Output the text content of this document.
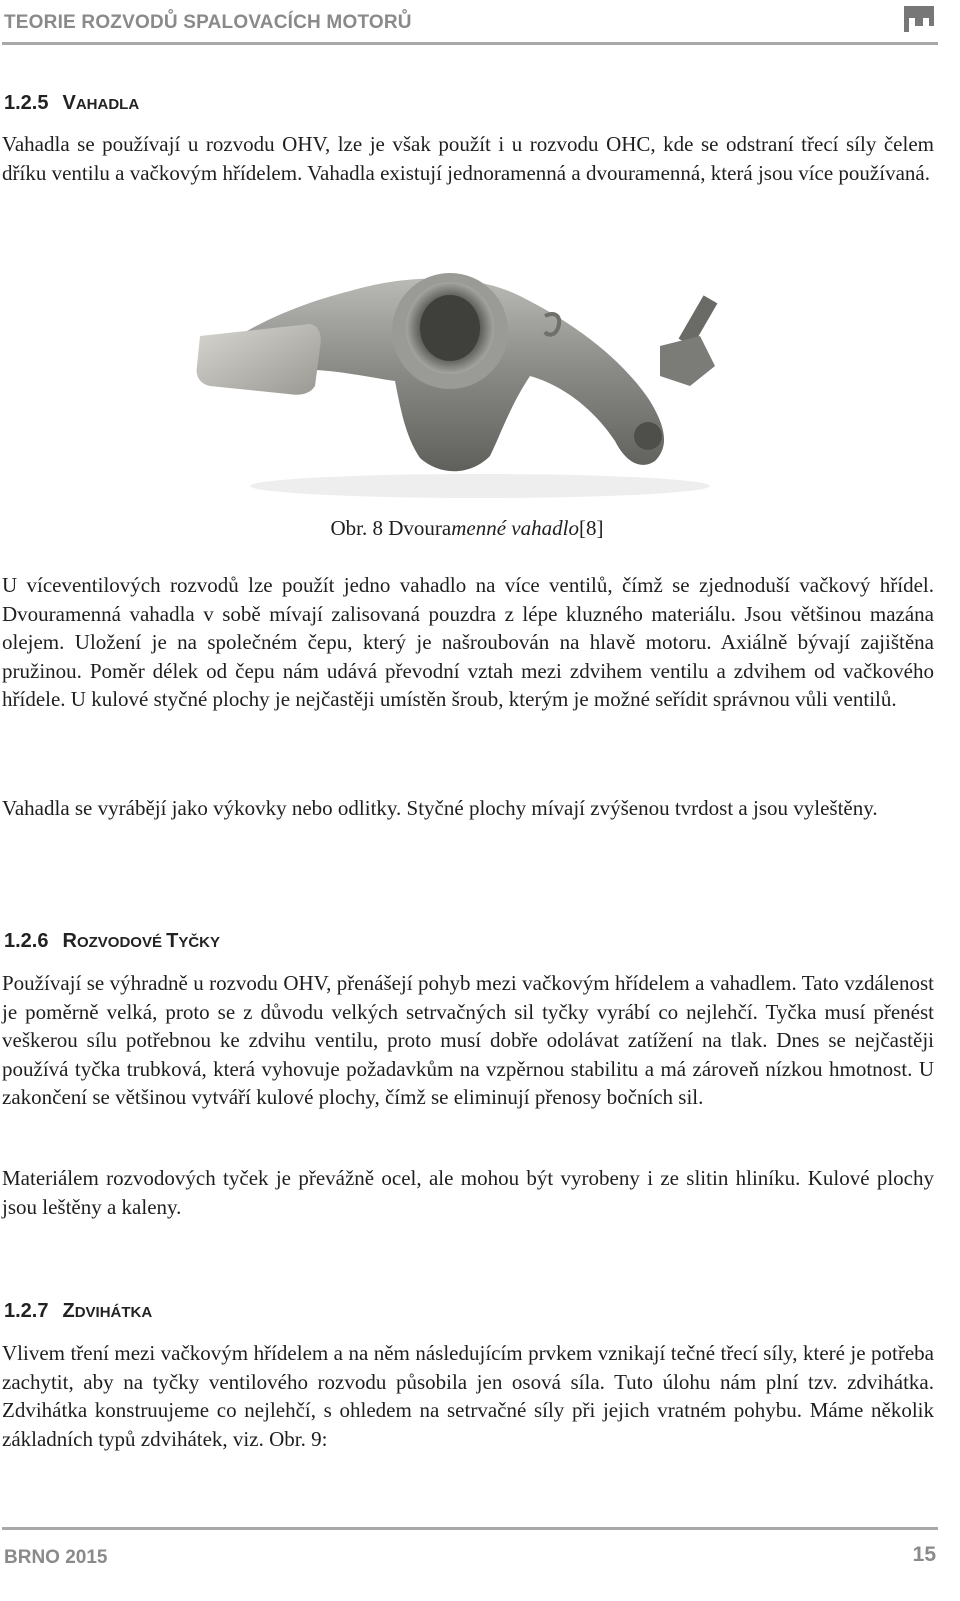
TEORIE ROZVODŮ SPALOVACÍCH MOTORŮ
1.2.5 VAHADLA

Vahadla se používají u rozvodu OHV, lze je však použít i u rozvodu OHC, kde se odstraní třecí síly čelem dříku ventilu a vačkovým hřídelem. Vahadla existují jednoramenná a dvouramenná, která jsou více používaná.

Obr. 8 Dvouramenné vahadlo[8]

U víceventilových rozvodů lze použít jedno vahadlo na více ventilů, čímž se zjednoduší vačkový hřídel. Dvouramenná vahadla v sobě mívají zalisovaná pouzdra z lépe kluzného materiálu. Jsou většinou mazána olejem. Uložení je na společném čepu, který je našroubován na hlavě motoru. Axiálně bývají zajištěna pružinou. Poměr délek od čepu nám udává převodní vztah mezi zdvihem ventilu a zdvihem od vačkového hřídele. U kulové styčné plochy je nejčastěji umístěn šroub, kterým je možné seřídit správnou vůli ventilů.

Vahadla se vyrábějí jako výkovky nebo odlitky. Styčné plochy mívají zvýšenou tvrdost a jsou vyleštěny.

1.2.6 ROZVODOVÉ TYČKY

Používají se výhradně u rozvodu OHV, přenášejí pohyb mezi vačkovým hřídelem a vahadlem. Tato vzdálenost je poměrně velká, proto se z důvodu velkých setrvačných sil tyčky vyrábí co nejlehčí. Tyčka musí přenést veškerou sílu potřebnou ke zdvihu ventilu, proto musí dobře odolávat zatížení na tlak. Dnes se nejčastěji používá tyčka trubková, která vyhovuje požadavkům na vzpěrnou stabilitu a má zároveň nízkou hmotnost. U zakončení se většinou vytváří kulové plochy, čímž se eliminují přenosy bočních sil.

Materiálem rozvodových tyček je převážně ocel, ale mohou být vyrobeny i ze slitin hliníku. Kulové plochy jsou leštěny a kaleny.

1.2.7 ZDVIHÁTKA

Vlivem tření mezi vačkovým hřídelem a na něm následujícím prvkem vznikají tečné třecí síly, které je potřeba zachytit, aby na tyčky ventilového rozvodu působila jen osová síla. Tuto úlohu nám plní tzv. zdvihátka. Zdvihátka konstruujeme co nejlehčí, s ohledem na setrvačné síly při jejich vratném pohybu. Máme několik základních typů zdvihátek, viz. Obr. 9:

BRNO 2015	15
